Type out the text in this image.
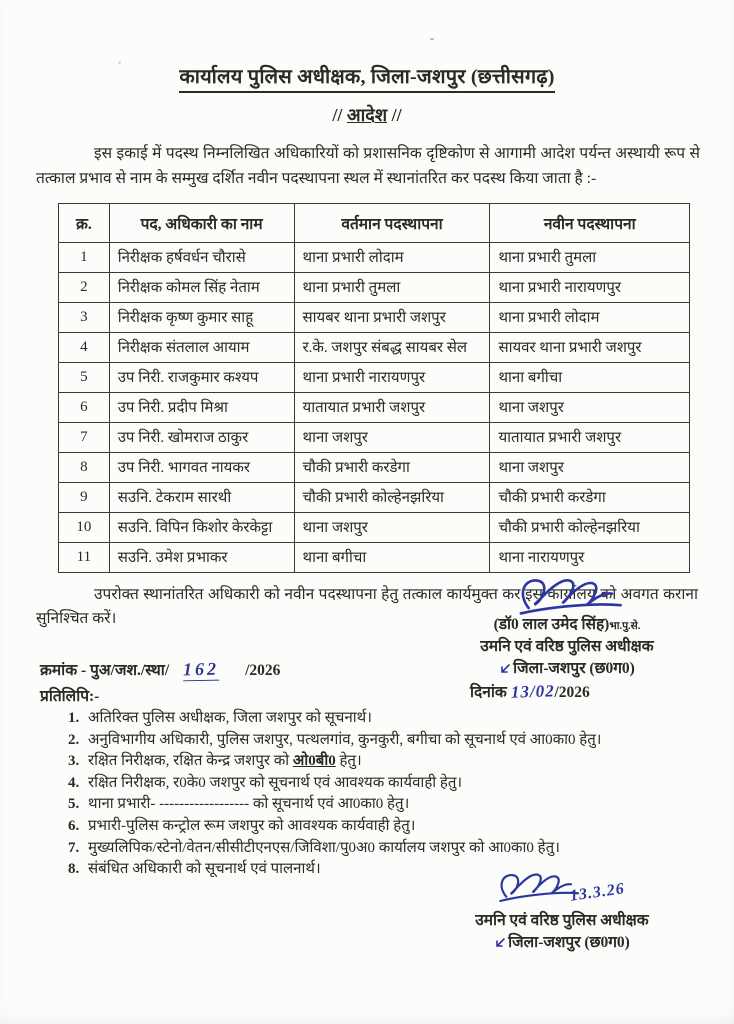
कार्यालय पुलिस अधीक्षक, जिला-जशपुर (छत्तीसगढ़)
// आदेश //

इस इकाई में पदस्थ निम्नलिखित अधिकारियों को प्रशासनिक दृष्टिकोण से आगामी आदेश पर्यन्त अस्थायी रूप से तत्काल प्रभाव से नाम के सम्मुख दर्शित नवीन पदस्थापना स्थल में स्थानांतरित कर पदस्थ किया जाता है :-

क्र.	पद, अधिकारी का नाम	वर्तमान पदस्थापना	नवीन पदस्थापना
1	निरीक्षक हर्षवर्धन चौरासे	थाना प्रभारी लोदाम	थाना प्रभारी तुमला
2	निरीक्षक कोमल सिंह नेताम	थाना प्रभारी तुमला	थाना प्रभारी नारायणपुर
3	निरीक्षक कृष्ण कुमार साहू	सायबर थाना प्रभारी जशपुर	थाना प्रभारी लोदाम
4	निरीक्षक संतलाल आयाम	र.के. जशपुर संबद्ध सायबर सेल	सायवर थाना प्रभारी जशपुर
5	उप निरी. राजकुमार कश्यप	थाना प्रभारी नारायणपुर	थाना बगीचा
6	उप निरी. प्रदीप मिश्रा	यातायात प्रभारी जशपुर	थाना जशपुर
7	उप निरी. खोमराज ठाकुर	थाना जशपुर	यातायात प्रभारी जशपुर
8	उप निरी. भागवत नायकर	चौकी प्रभारी करडेगा	थाना जशपुर
9	सउनि. टेकराम सारथी	चौकी प्रभारी कोल्हेनझरिया	चौकी प्रभारी करडेगा
10	सउनि. विपिन किशोर केरकेट्टा	थाना जशपुर	चौकी प्रभारी कोल्हेनझरिया
11	सउनि. उमेश प्रभाकर	थाना बगीचा	थाना नारायणपुर

उपरोक्त स्थानांतरित अधिकारी को नवीन पदस्थापना हेतु तत्काल कार्यमुक्त कर इस कार्यालय को अवगत कराना सुनिश्चित करें।	(डॉ0 लाल उमेद सिंह)भा.पु.से.
उमनि एवं वरिष्ठ पुलिस अधीक्षक
जिला-जशपुर (छ0ग0)
दिनांक 13/02/2026
क्रमांक - पुअ/जश./स्था/ 162 /2026
प्रतिलिपि:-
1.अतिरिक्त पुलिस अधीक्षक, जिला जशपुर को सूचनार्थ।
2.अनुविभागीय अधिकारी, पुलिस जशपुर, पत्थलगांव, कुनकुरी, बगीचा को सूचनार्थ एवं आ0का0 हेतु।
3.रक्षित निरीक्षक, रक्षित केन्द्र जशपुर को ओ0बी0 हेतु।
4.रक्षित निरीक्षक, र0के0 जशपुर को सूचनार्थ एवं आवश्यक कार्यवाही हेतु।
5.थाना प्रभारी- ------------------ को सूचनार्थ एवं आ0का0 हेतु।
6.प्रभारी-पुलिस कन्ट्रोल रूम जशपुर को आवश्यक कार्यवाही हेतु।
7.मुख्यलिपिक/स्टेनो/वेतन/सीसीटीएनएस/जिविशा/पु0अ0 कार्यालय जशपुर को आ0का0 हेतु।
8.संबंधित अधिकारी को सूचनार्थ एवं पालनार्थ।
13.3.26
उमनि एवं वरिष्ठ पुलिस अधीक्षक
जिला-जशपुर (छ0ग0)
